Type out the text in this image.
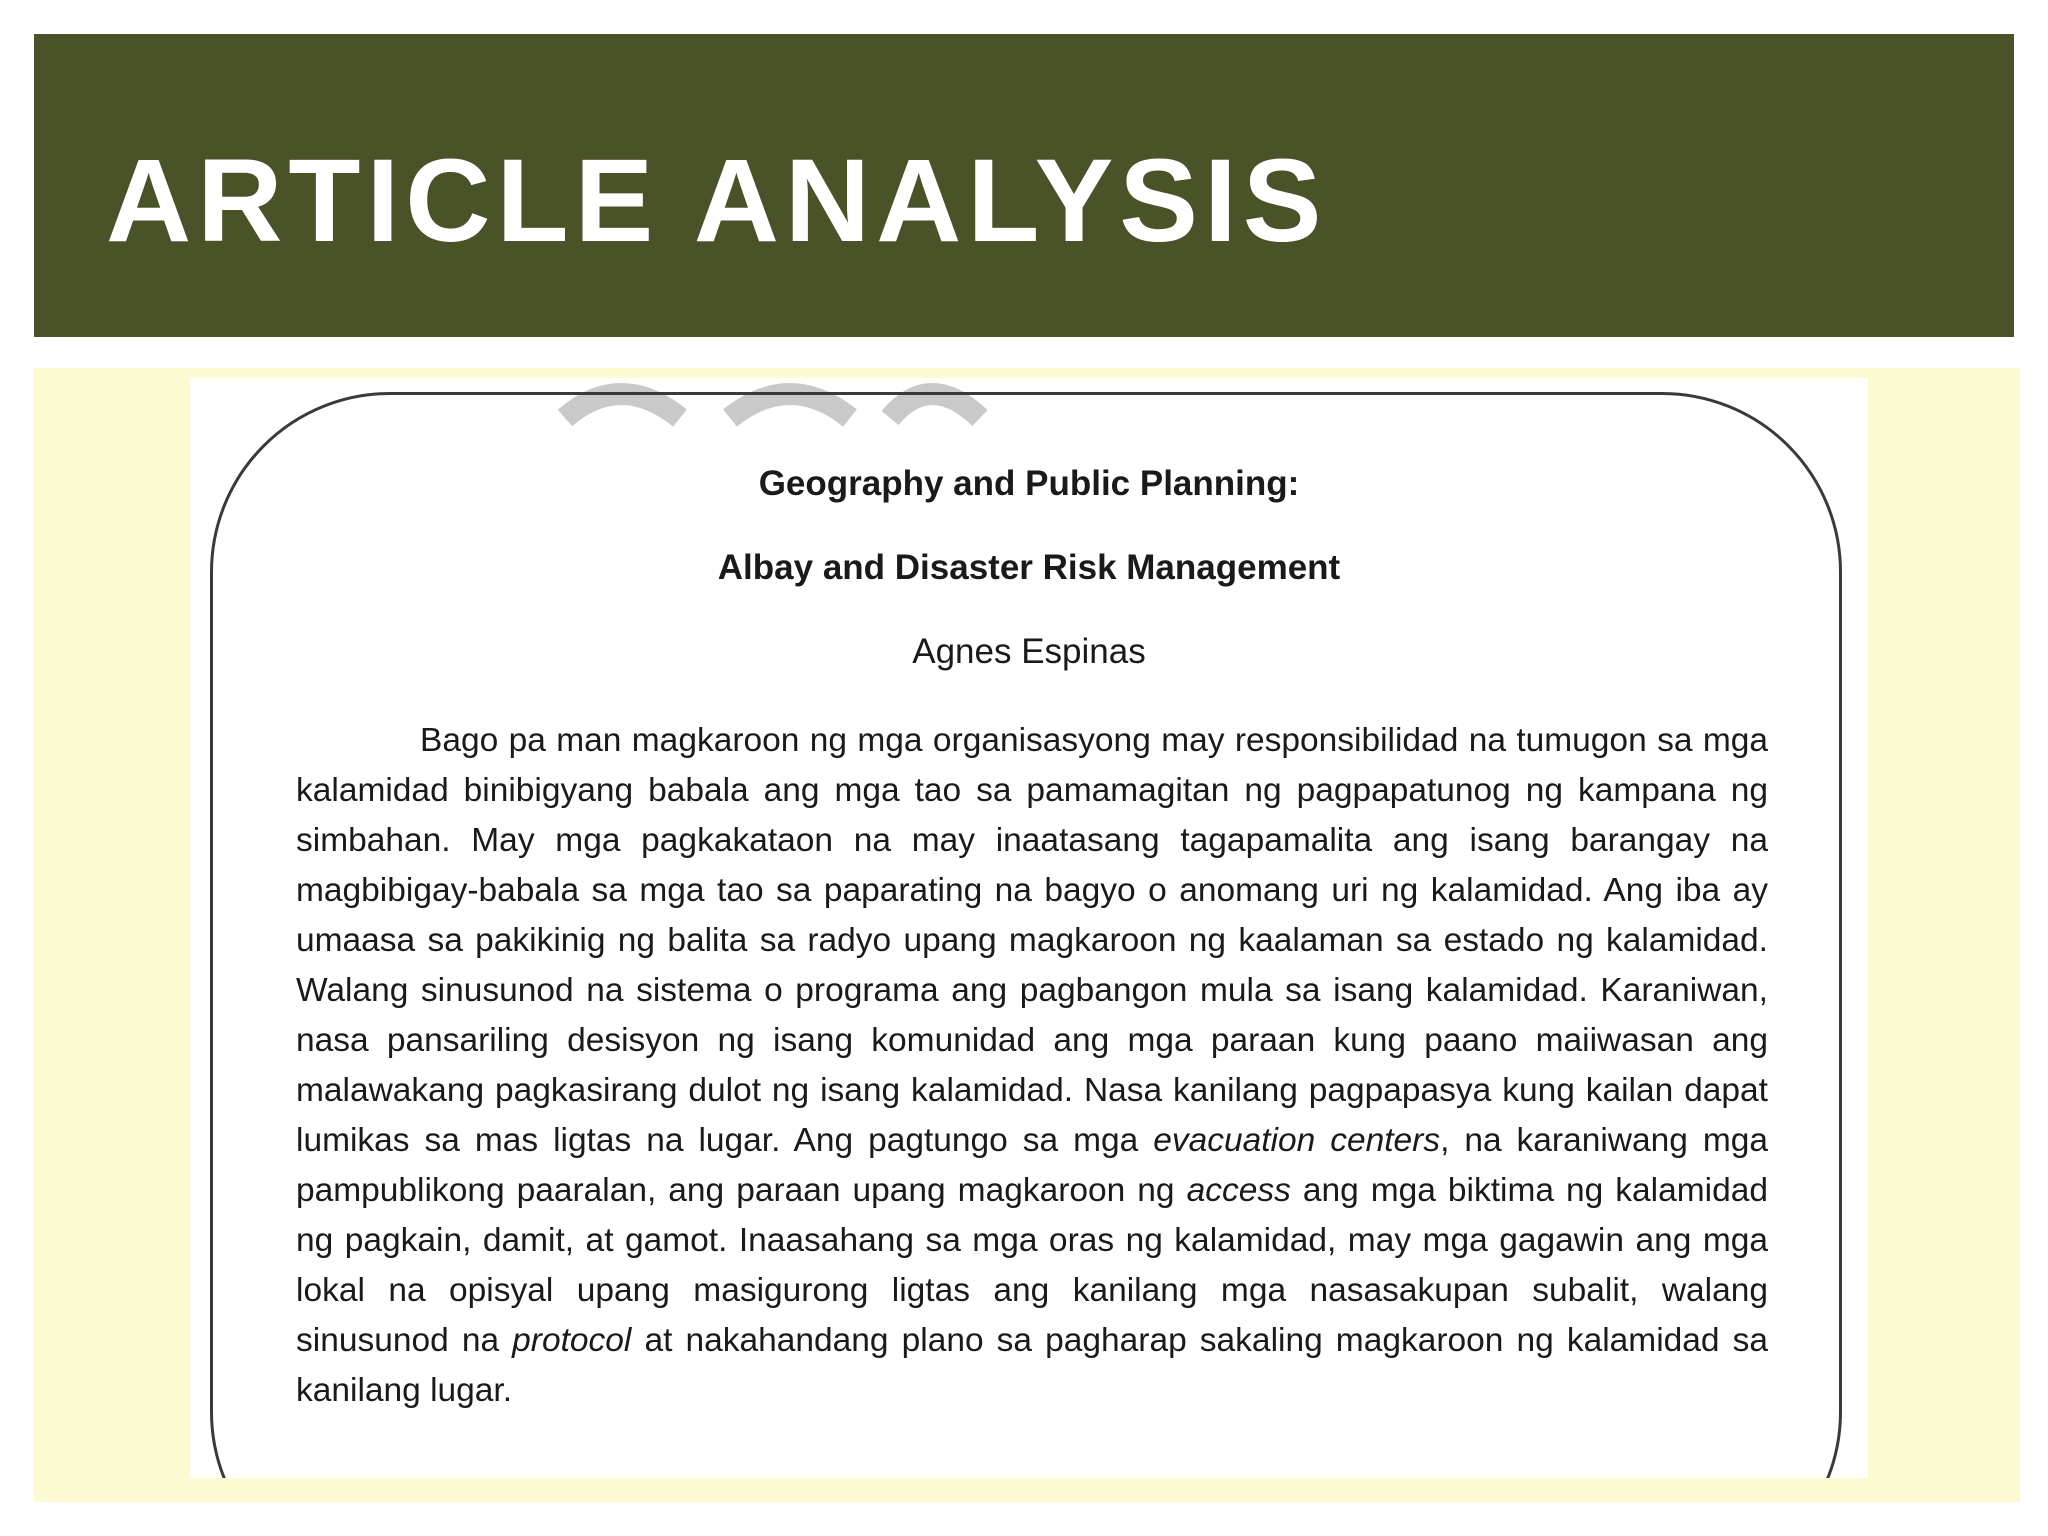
ARTICLE ANALYSIS

Geography and Public Planning:

Albay and Disaster Risk Management

Agnes Espinas

Bago pa man magkaroon ng mga organisasyong may responsibilidad na tumugon sa mga kalamidad binibigyang babala ang mga tao sa pamamagitan ng pagpapatunog ng kampana ng simbahan. May mga pagkakataon na may inaatasang tagapamalita ang isang barangay na magbibigay-babala sa mga tao sa paparating na bagyo o anomang uri ng kalamidad. Ang iba ay umaasa sa pakikinig ng balita sa radyo upang magkaroon ng kaalaman sa estado ng kalamidad. Walang sinusunod na sistema o programa ang pagbangon mula sa isang kalamidad. Karaniwan, nasa pansariling desisyon ng isang komunidad ang mga paraan kung paano maiiwasan ang malawakang pagkasirang dulot ng isang kalamidad. Nasa kanilang pagpapasya kung kailan dapat lumikas sa mas ligtas na lugar. Ang pagtungo sa mga evacuation centers, na karaniwang mga pampublikong paaralan, ang paraan upang magkaroon ng access ang mga biktima ng kalamidad ng pagkain, damit, at gamot. Inaasahang sa mga oras ng kalamidad, may mga gagawin ang mga lokal na opisyal upang masigurong ligtas ang kanilang mga nasasakupan subalit, walang sinusunod na protocol at nakahandang plano sa pagharap sakaling magkaroon ng kalamidad sa kanilang lugar.
